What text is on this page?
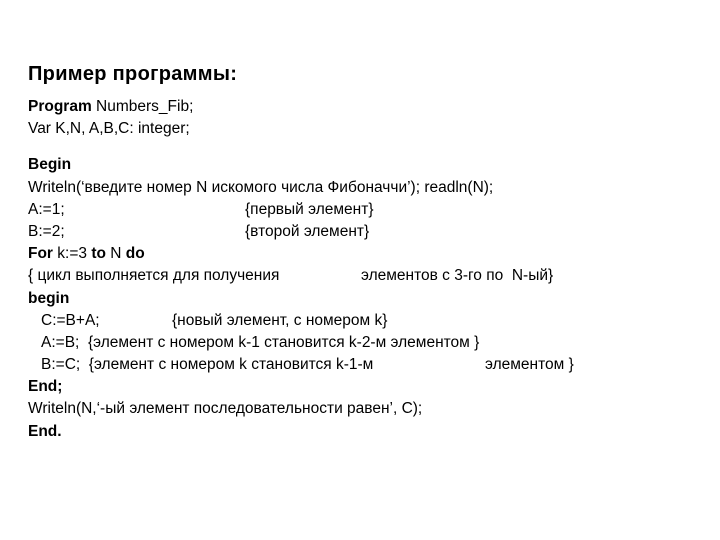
Пример программы:
Program Numbers_Fib;
Var K,N, A,B,C: integer;
Begin
Writeln(‘введите номер N искомого числа Фибоначчи’); readln(N);

A:=1;

	{первый элемент}

B:=2;

	{второй элемент}

For k:=3 to N do

{ цикл выполняется для получения

	элементов с 3-го по  N-ый}

begin

C:=B+A;

	{новый элемент, с номером k}

A:=B;  {элемент с номером k-1 становится k-2-м элементом }

B:=C;  {элемент с номером k становится k-1-м

	элементом }

End;
Writeln(N,‘-ый элемент последовательности равен’, C);
End.
